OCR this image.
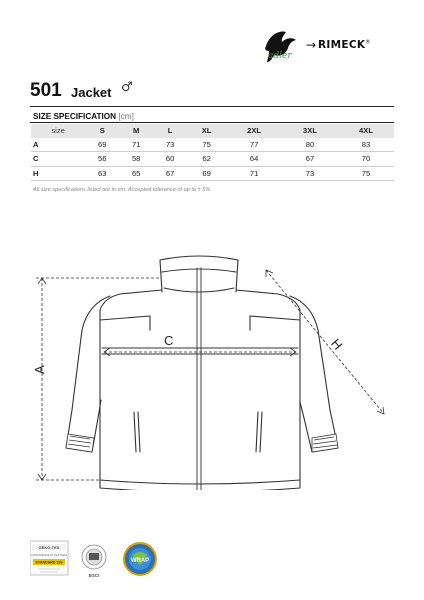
adler
→ RIMECK®
501 Jacket ♂
SIZE SPECIFICATION [cm]
size	S	M	L	XL	2XL	3XL	4XL
A	69	71	73	75	77	80	83
C	56	58	60	62	64	67	70
H	63	65	67	69	71	73	75
All size specifications listed are in cm. Accepted tolerance of up to ± 5%
A
C	H
OEKO-TEX
CONFIDENCE IN TEXTILES
STANDARD 100
BSCI
WRAP
